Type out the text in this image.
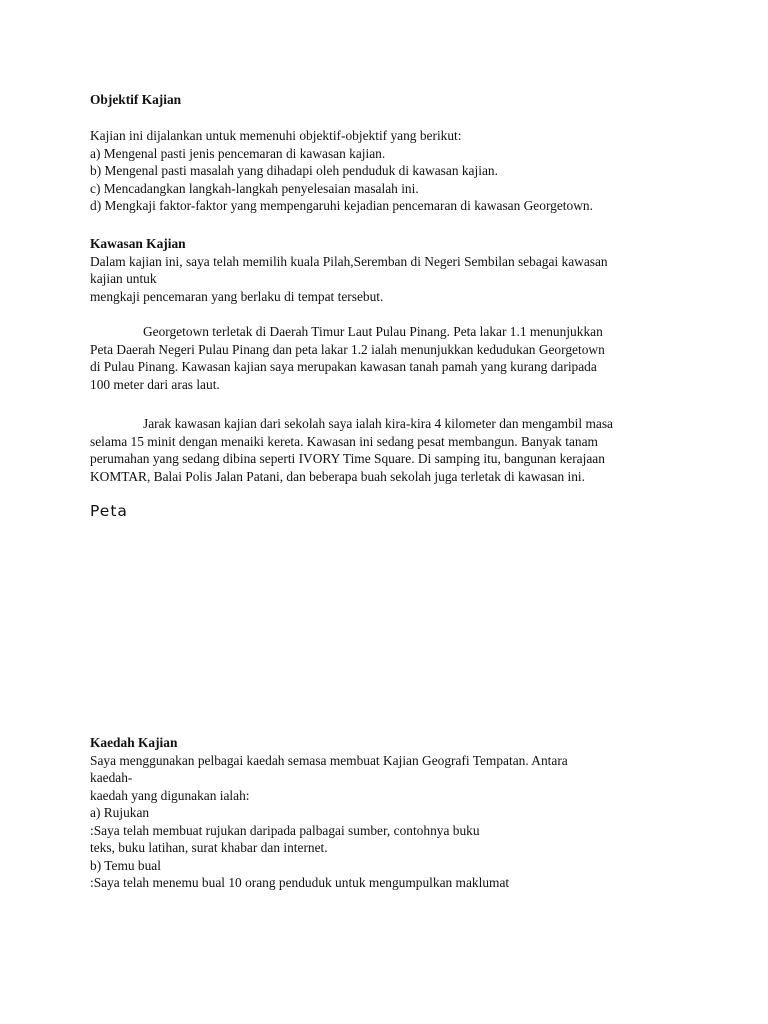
Objektif Kajian
Kajian ini dijalankan untuk memenuhi objektif-objektif yang berikut:
a) Mengenal pasti jenis pencemaran di kawasan kajian.
b) Mengenal pasti masalah yang dihadapi oleh penduduk di kawasan kajian.
c) Mencadangkan langkah-langkah penyelesaian masalah ini.
d) Mengkaji faktor-faktor yang mempengaruhi kejadian pencemaran di kawasan Georgetown.
Kawasan Kajian
Dalam kajian ini, saya telah memilih kuala Pilah,Seremban di Negeri Sembilan sebagai kawasan
kajian untuk
mengkaji pencemaran yang berlaku di tempat tersebut.
Georgetown terletak di Daerah Timur Laut Pulau Pinang. Peta lakar 1.1 menunjukkan
Peta Daerah Negeri Pulau Pinang dan peta lakar 1.2 ialah menunjukkan kedudukan Georgetown
di Pulau Pinang. Kawasan kajian saya merupakan kawasan tanah pamah yang kurang daripada
100 meter dari aras laut.
Jarak kawasan kajian dari sekolah saya ialah kira-kira 4 kilometer dan mengambil masa
selama 15 minit dengan menaiki kereta. Kawasan ini sedang pesat membangun. Banyak tanam
perumahan yang sedang dibina seperti IVORY Time Square. Di samping itu, bangunan kerajaan
KOMTAR, Balai Polis Jalan Patani, dan beberapa buah sekolah juga terletak di kawasan ini.
Peta
Kaedah Kajian
Saya menggunakan pelbagai kaedah semasa membuat Kajian Geografi Tempatan. Antara
kaedah-
kaedah yang digunakan ialah:
a) Rujukan
:Saya telah membuat rujukan daripada palbagai sumber, contohnya buku
teks, buku latihan, surat khabar dan internet.
b) Temu bual
:Saya telah menemu bual 10 orang penduduk untuk mengumpulkan maklumat
